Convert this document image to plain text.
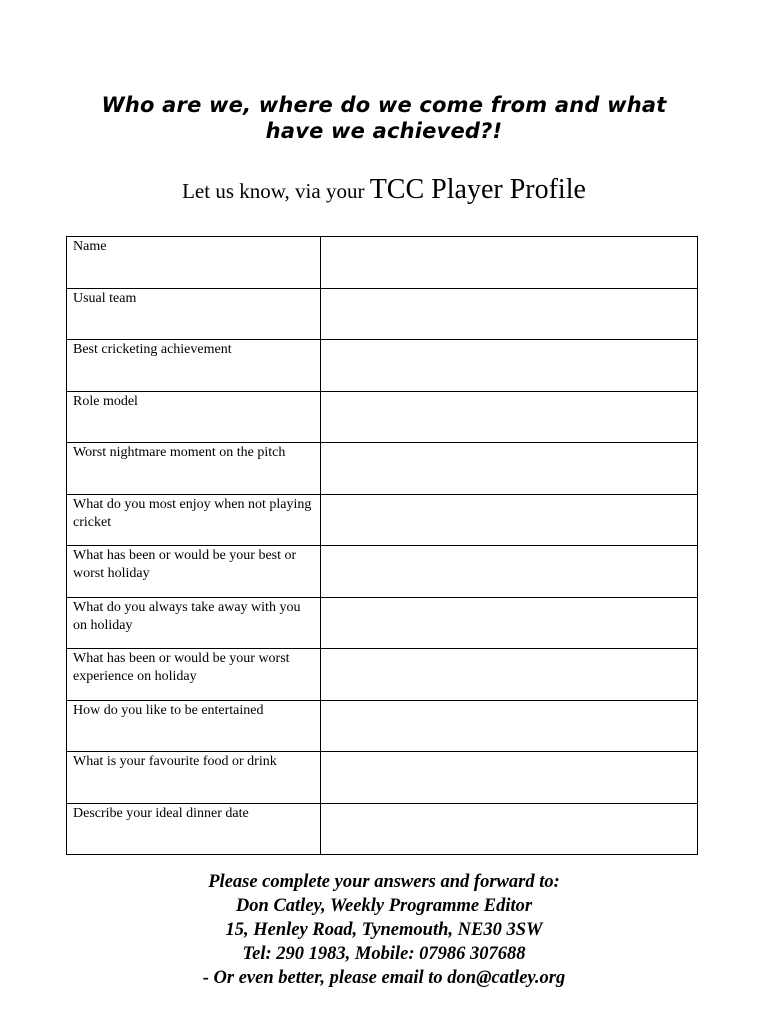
Who are we, where do we come from and what
have we achieved?!
Let us know, via your TCC Player Profile
Name	
Usual team	
Best cricketing achievement	
Role model	
Worst nightmare moment on the pitch	
What do you most enjoy when not playing cricket	
What has been or would be your best or worst holiday	
What do you always take away with you on holiday	
What has been or would be your worst experience on holiday	
How do you like to be entertained	
What is your favourite food or drink	
Describe your ideal dinner date	
Please complete your answers and forward to:
Don Catley, Weekly Programme Editor
15, Henley Road, Tynemouth, NE30 3SW
Tel: 290 1983, Mobile: 07986 307688
- Or even better, please email to don@catley.org
